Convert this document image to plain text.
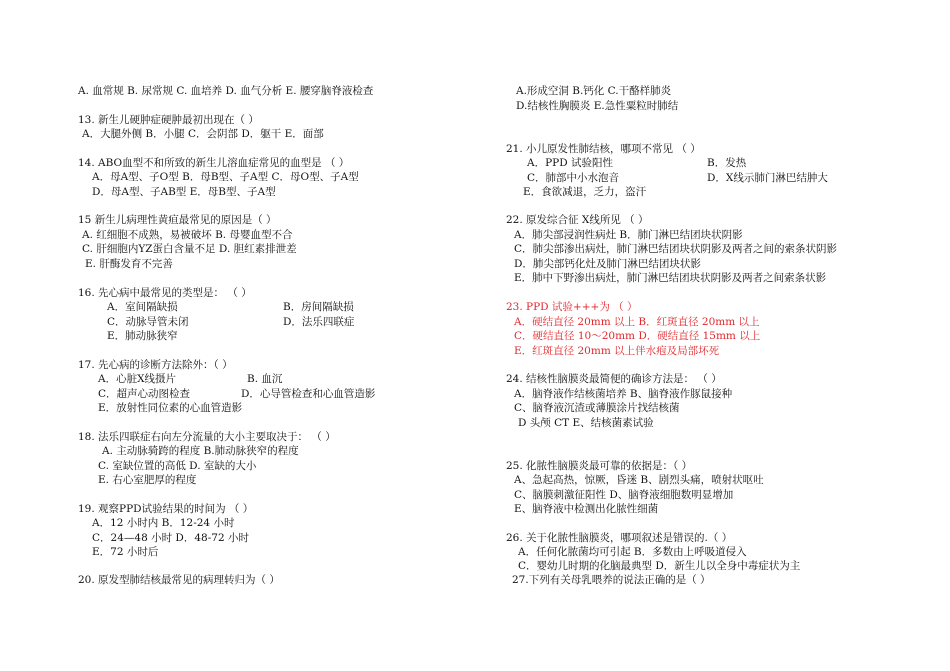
A. 血常规 B. 尿常规 C. 血培养 D. 血气分析 E. 腰穿脑脊液检查
13. 新生儿硬肿症硬肿最初出现在（ ）
A．大腿外侧 B．小腿 C．会阴部 D．躯干 E．面部
14. ABO血型不和所致的新生儿溶血症常见的血型是 （ ）
A．母A型、子O型 B．母B型、子A型 C．母O型、子A型
D．母A型、子AB型 E．母B型、子A型
15 新生儿病理性黄疸最常见的原因是（ ）
A. 红细胞不成熟，易被破坏 B. 母婴血型不合
C. 肝细胞内YZ蛋白含量不足 D. 胆红素排泄差
E. 肝酶发育不完善
16. 先心病中最常见的类型是： （ ）
A．室间隔缺损	B．房间隔缺损
C．动脉导管未闭	D．法乐四联症
E．肺动脉狭窄
17. 先心病的诊断方法除外：（ ）
A．心脏X线摄片	B. 血沉
C．超声心动图检查	D．心导管检查和心血管造影
E．放射性同位素的心血管造影
18. 法乐四联症右向左分流量的大小主要取决于： （ ）
A. 主动脉骑跨的程度 B.肺动脉狭窄的程度
C. 室缺位置的高低 D. 室缺的大小
E. 右心室肥厚的程度
19. 观察PPD试验结果的时间为 （ ）
A．12 小时内 B．12-24 小时
C．24—48 小时 D．48-72 小时
E．72 小时后
20. 原发型肺结核最常见的病理转归为（ ）
A.形成空洞 B.钙化 C.干酪样肺炎
D.结核性胸膜炎 E.急性粟粒时肺结
21. 小儿原发性肺结核，哪项不常见 （ ）
A．PPD 试验阳性	B．发热
C．肺部中小水泡音	D．X线示肺门淋巴结肿大
E．食欲减退，乏力，盗汗
22. 原发综合征 X线所见 （ ）
A．肺尖部浸润性病灶 B．肺门淋巴结团块状阴影
C．肺尖部渗出病灶，肺门淋巴结团块状阴影及两者之间的索条状阴影
D．肺尖部钙化灶及肺门淋巴结团块状影
E．肺中下野渗出病灶，肺门淋巴结团块状阴影及两者之间索条状影
23. PPD 试验+++为 （ ）
A．硬结直径 20mm 以上 B．红斑直径 20mm 以上
C．硬结直径 10～20mm D．硬结直径 15mm 以上
E．红斑直径 20mm 以上伴水疱及局部坏死
24. 结核性脑膜炎最简便的确诊方法是： （ ）
A．脑脊液作结核菌培养 B、脑脊液作豚鼠接种
C、脑脊液沉渣或薄膜涂片找结核菌
D 头颅 CT E、结核菌素试验
25. 化脓性脑膜炎最可靠的依据是：（ ）
A、急起高热，惊厥，昏迷 B、剧烈头痛，喷射状呕吐
C、脑膜刺激征阳性 D、脑脊液细胞数明显增加
E、脑脊液中检测出化脓性细菌
26. 关于化脓性脑膜炎，哪项叙述是错误的.（ ）
A．任何化脓菌均可引起 B．多数由上呼吸道侵入
C．婴幼儿时期的化脑最典型 D．新生儿以全身中毒症状为主
27.下列有关母乳喂养的说法正确的是（ ）
